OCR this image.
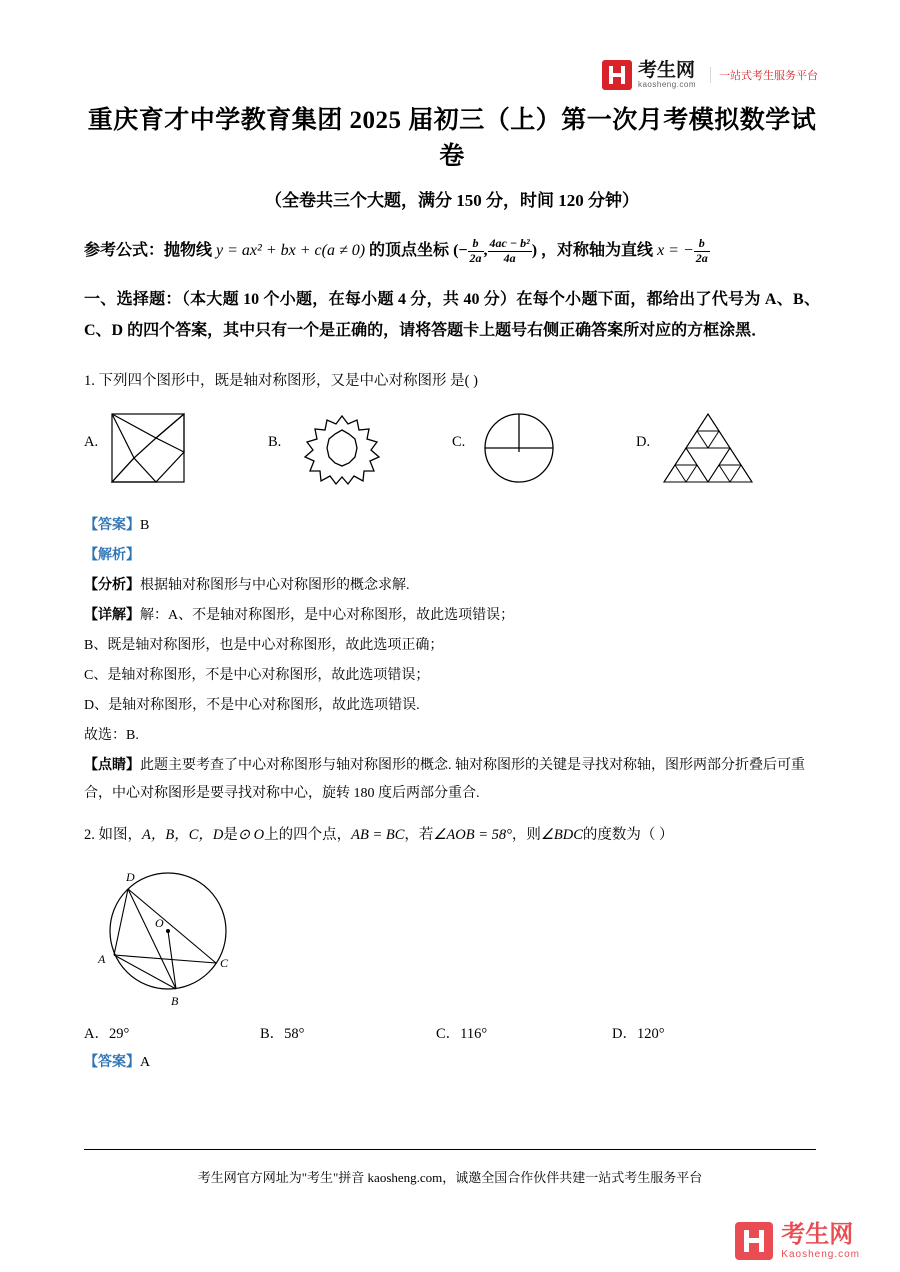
考生网
kaosheng.com
一站式考生服务平台
重庆育才中学教育集团 2025 届初三（上）第一次月考模拟数学试卷
（全卷共三个大题，满分 150 分，时间 120 分钟）
参考公式：抛物线 y = ax² + bx + c(a ≠ 0) 的顶点坐标 (− $\frac{b}{2a}$ , $\frac{\text{4ac − b²}}{4a}$ ) ，对称轴为直线 x = − $\frac{b}{2a}$
一、选择题：（本大题 10 个小题，在每小题 4 分，共 40 分）在每个小题下面，都给出了代号为 A、B、C、D 的四个答案，其中只有一个是正确的，请将答题卡上题号右侧正确答案所对应的方框涂黑．
1. 下列四个图形中，既是轴对称图形，又是中心对称图形 是( )
A.	B.	C.	D.
【答案】B
【解析】
【分析】根据轴对称图形与中心对称图形的概念求解.
【详解】解：A、不是轴对称图形，是中心对称图形，故此选项错误；
B、既是轴对称图形，也是中心对称图形，故此选项正确；
C、是轴对称图形，不是中心对称图形，故此选项错误；
D、是轴对称图形，不是中心对称图形，故此选项错误.
故选：B.
【点睛】此题主要考查了中心对称图形与轴对称图形的概念. 轴对称图形的关键是寻找对称轴，图形两部分折叠后可重合，中心对称图形是要寻找对称中心，旋转 180 度后两部分重合.
2. 如图，A，B，C，D是⊙ O上的四个点，AB = BC，若∠AOB = 58°，则∠BDC的度数为（ ）
D
O
A	C
B
A．29°	B．58°	C．116°	D．120°
【答案】A
考生网官方网址为"考生"拼音 kaosheng.com，诚邀全国合作伙伴共建一站式考生服务平台
考生网
Kaosheng.com
